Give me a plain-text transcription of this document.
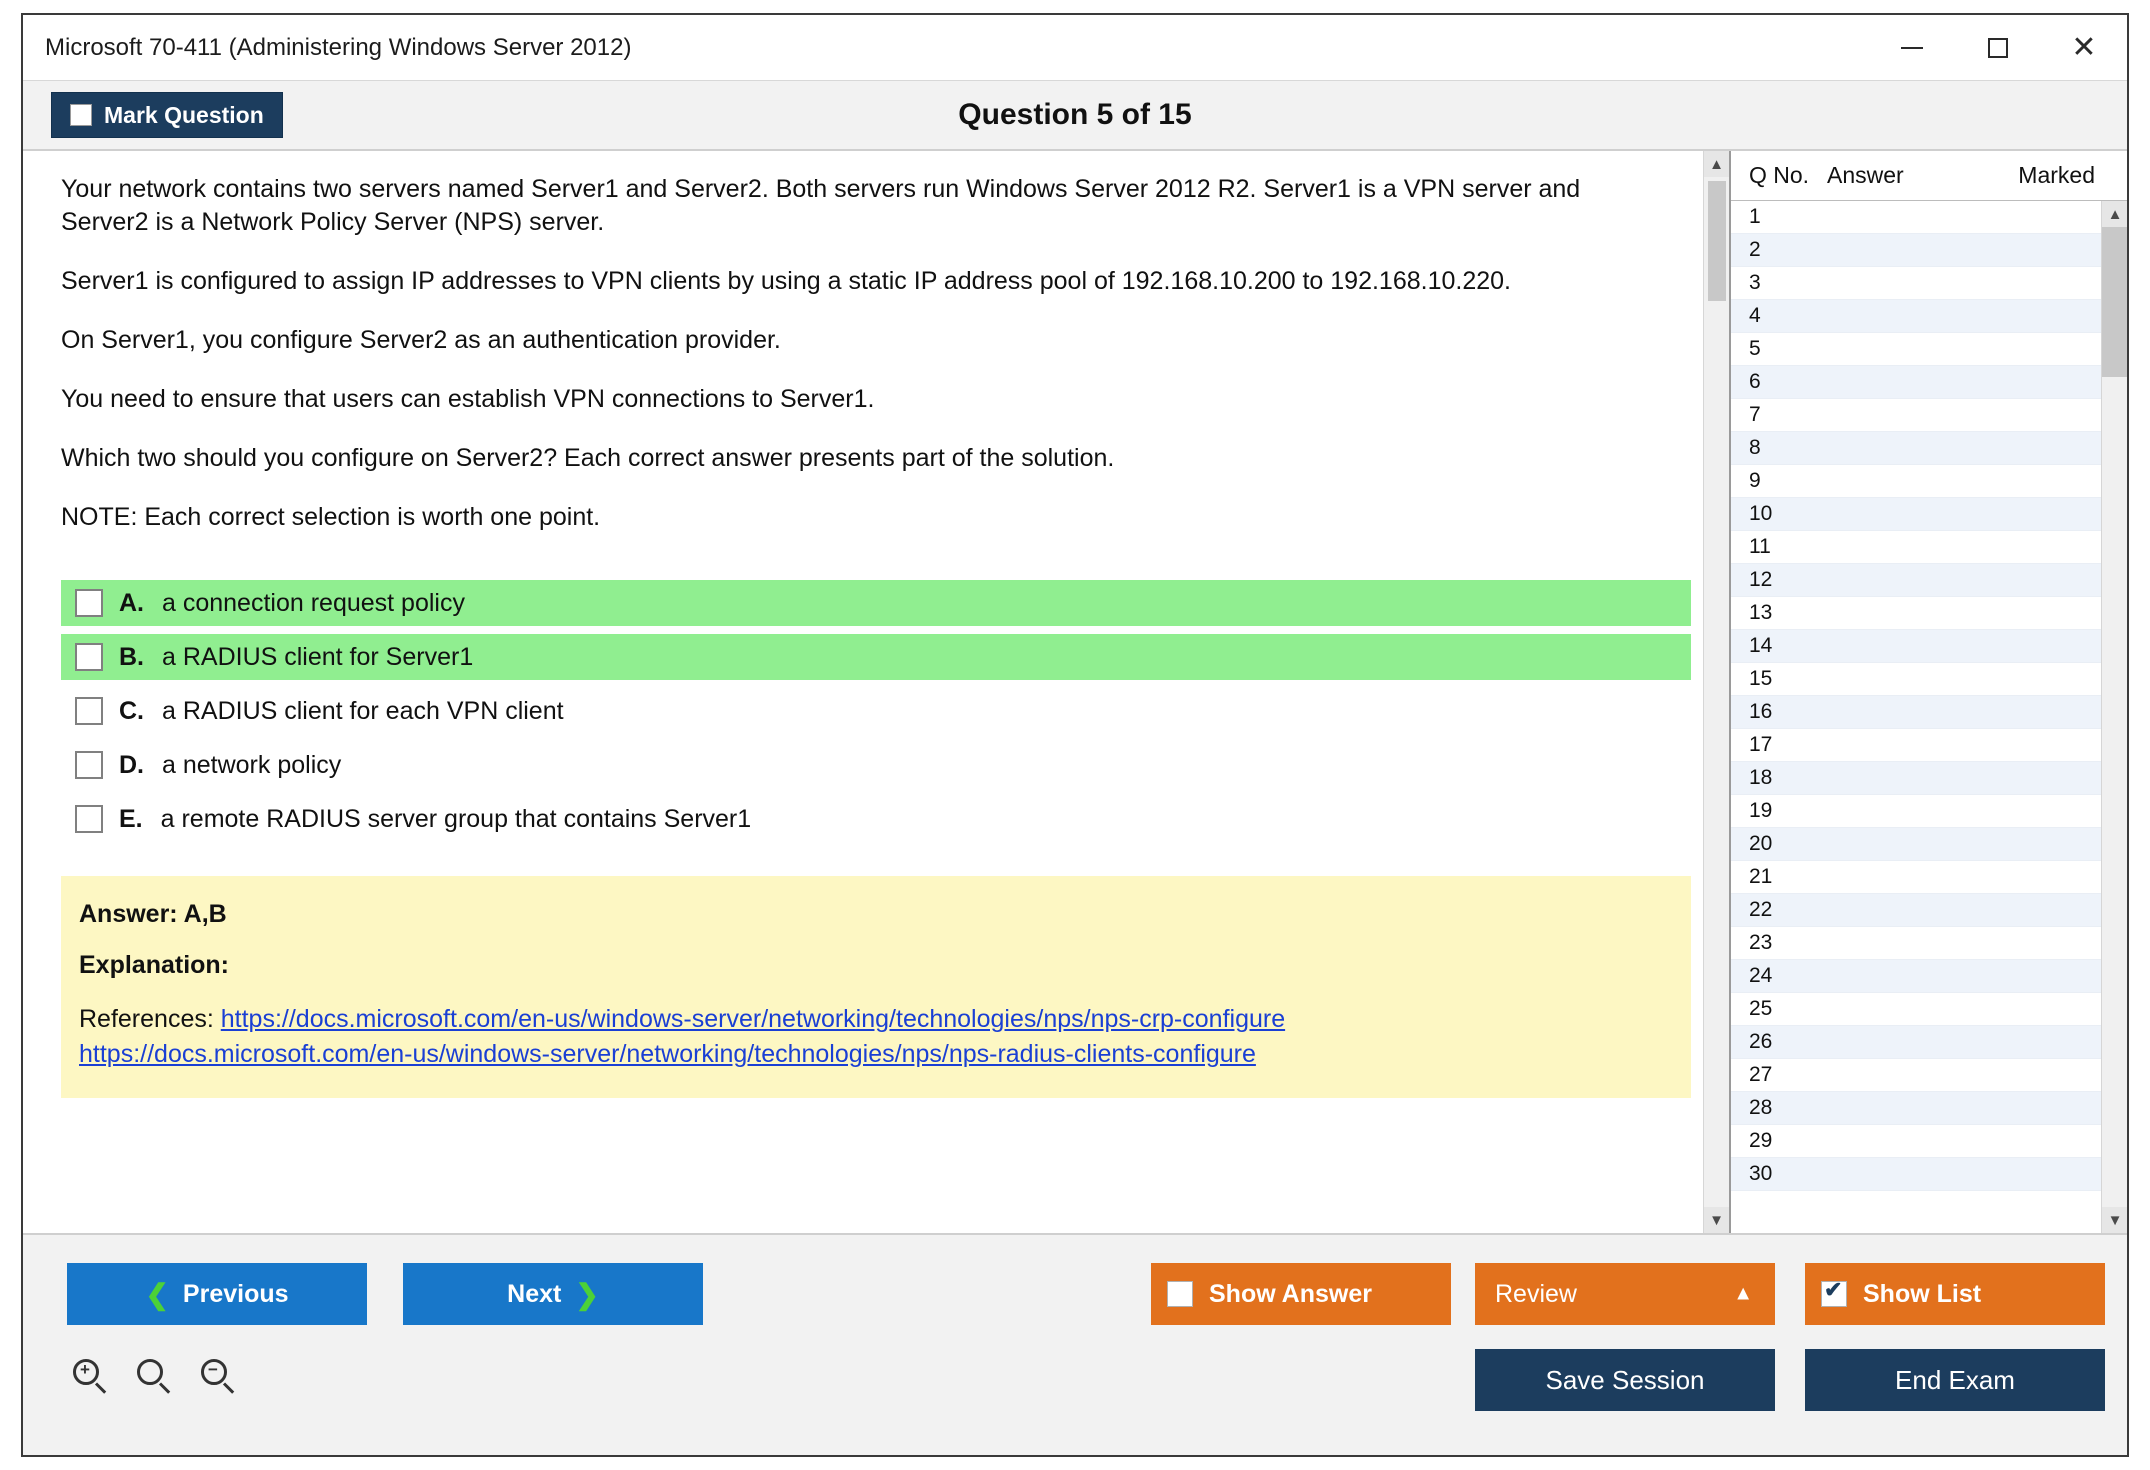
Microsoft 70-411 (Administering Windows Server 2012)	✕
Mark Question	Question 5 of 15

Your network contains two servers named Server1 and Server2. Both servers run Windows Server 2012 R2. Server1 is a VPN server and Server2 is a Network Policy Server (NPS) server.

Server1 is configured to assign IP addresses to VPN clients by using a static IP address pool of 192.168.10.200 to 192.168.10.220.

On Server1, you configure Server2 as an authentication provider.

You need to ensure that users can establish VPN connections to Server1.

Which two should you configure on Server2? Each correct answer presents part of the solution.

NOTE: Each correct selection is worth one point.

A. a connection request policy
B. a RADIUS client for Server1
C. a RADIUS client for each VPN client
D. a network policy
E. a remote RADIUS server group that contains Server1
Answer: A,B
Explanation:
References: https://docs.microsoft.com/en-us/windows-server/networking/technologies/nps/nps-crp-configure
https://docs.microsoft.com/en-us/windows-server/networking/technologies/nps/nps-radius-clients-configure
▲
▼
Q No. Answer	Marked
1
2
3
4
5
6
7
8
9
10
11
12
13
14
15
16
17
18
19
20
21
22
23
24
25
26
27
28
29
30
▲
▼
❮ Previous	Next ❯	Show Answer	Review	▲ ✔	Show List
Save Session	End Exam
+	−
